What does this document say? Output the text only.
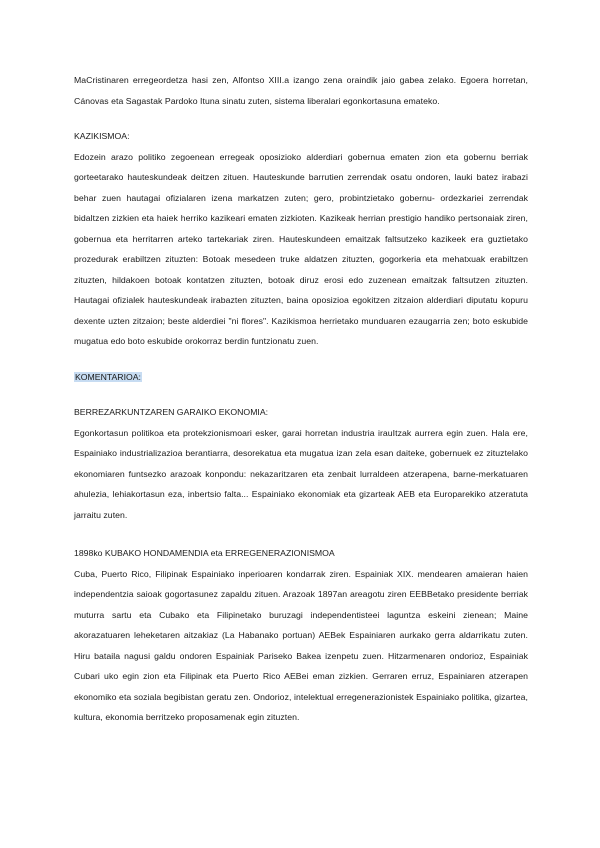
MaCristinaren erregeordetza hasi zen, Alfontso XIII.a izango zena oraindik jaio gabea zelako. Egoera horretan, Cánovas eta Sagastak Pardoko Ituna sinatu zuten, sistema liberalari egonkortasuna emateko.

KAZIKISMOA:

Edozein arazo politiko zegoenean erregeak oposizioko alderdiari gobernua ematen zion eta gobernu berriak gorteetarako hauteskundeak deitzen zituen. Hauteskunde barrutien zerrendak osatu ondoren, lauki batez irabazi behar zuen hautagai ofizialaren izena markatzen zuten; gero, probintzietako gobernu- ordezkariei zerrendak bidaltzen zizkien eta haiek herriko kazikeari ematen zizkioten. Kazikeak herrian prestigio handiko pertsonaiak ziren, gobernua eta herritarren arteko tartekariak ziren. Hauteskundeen emaitzak faltsutzeko kazikeek era guztietako prozedurak erabiltzen zituzten: Botoak mesedeen truke aldatzen zituzten, gogorkeria eta mehatxuak erabiltzen zituzten, hildakoen botoak kontatzen zituzten, botoak diruz erosi edo zuzenean emaitzak faltsutzen zituzten. Hautagai ofizialek hauteskundeak irabazten zituzten, baina oposizioa egokitzen zitzaion alderdiari diputatu kopuru dexente uzten zitzaion; beste alderdiei "ni flores". Kazikismoa herrietako munduaren ezaugarria zen; boto eskubide mugatua edo boto eskubide orokorraz berdin funtzionatu zuen.

KOMENTARIOA:
BERREZARKUNTZAREN GARAIKO EKONOMIA:

Egonkortasun politikoa eta protekzionismoari esker, garai horretan industria irauItzak aurrera egin zuen. Hala ere, Espainiako industrializazioa berantiarra, desorekatua eta mugatua izan zela esan daiteke, gobernuek ez zituztelako ekonomiaren funtsezko arazoak konpondu: nekazaritzaren eta zenbait lurraldeen atzerapena, barne-merkatuaren ahulezia, lehiakortasun eza, inbertsio falta... Espainiako ekonomiak eta gizarteak AEB eta Europarekiko atzeratuta jarraitu zuten.

1898ko KUBAKO HONDAMENDIA eta ERREGENERAZIONISMOA

Cuba, Puerto Rico, Filipinak Espainiako inperioaren kondarrak ziren. Espainiak XIX. mendearen amaieran haien independentzia saioak gogortasunez zapaldu zituen. Arazoak 1897an areagotu ziren EEBBetako presidente berriak muturra sartu eta Cubako eta Filipinetako buruzagi independentisteei laguntza eskeini zienean; Maine akorazatuaren leheketaren aitzakiaz (La Habanako portuan) AEBek Espainiaren aurkako gerra aldarrikatu zuten. Hiru bataila nagusi galdu ondoren Espainiak Pariseko Bakea izenpetu zuen. Hitzarmenaren ondorioz, Espainiak Cubari uko egin zion eta Filipinak eta Puerto Rico AEBei eman zizkien. Gerraren erruz, Espainiaren atzerapen ekonomiko eta soziala begibistan geratu zen. Ondorioz, intelektual erregenerazionistek Espainiako politika, gizartea, kultura, ekonomia berritzeko proposamenak egin zituzten.
